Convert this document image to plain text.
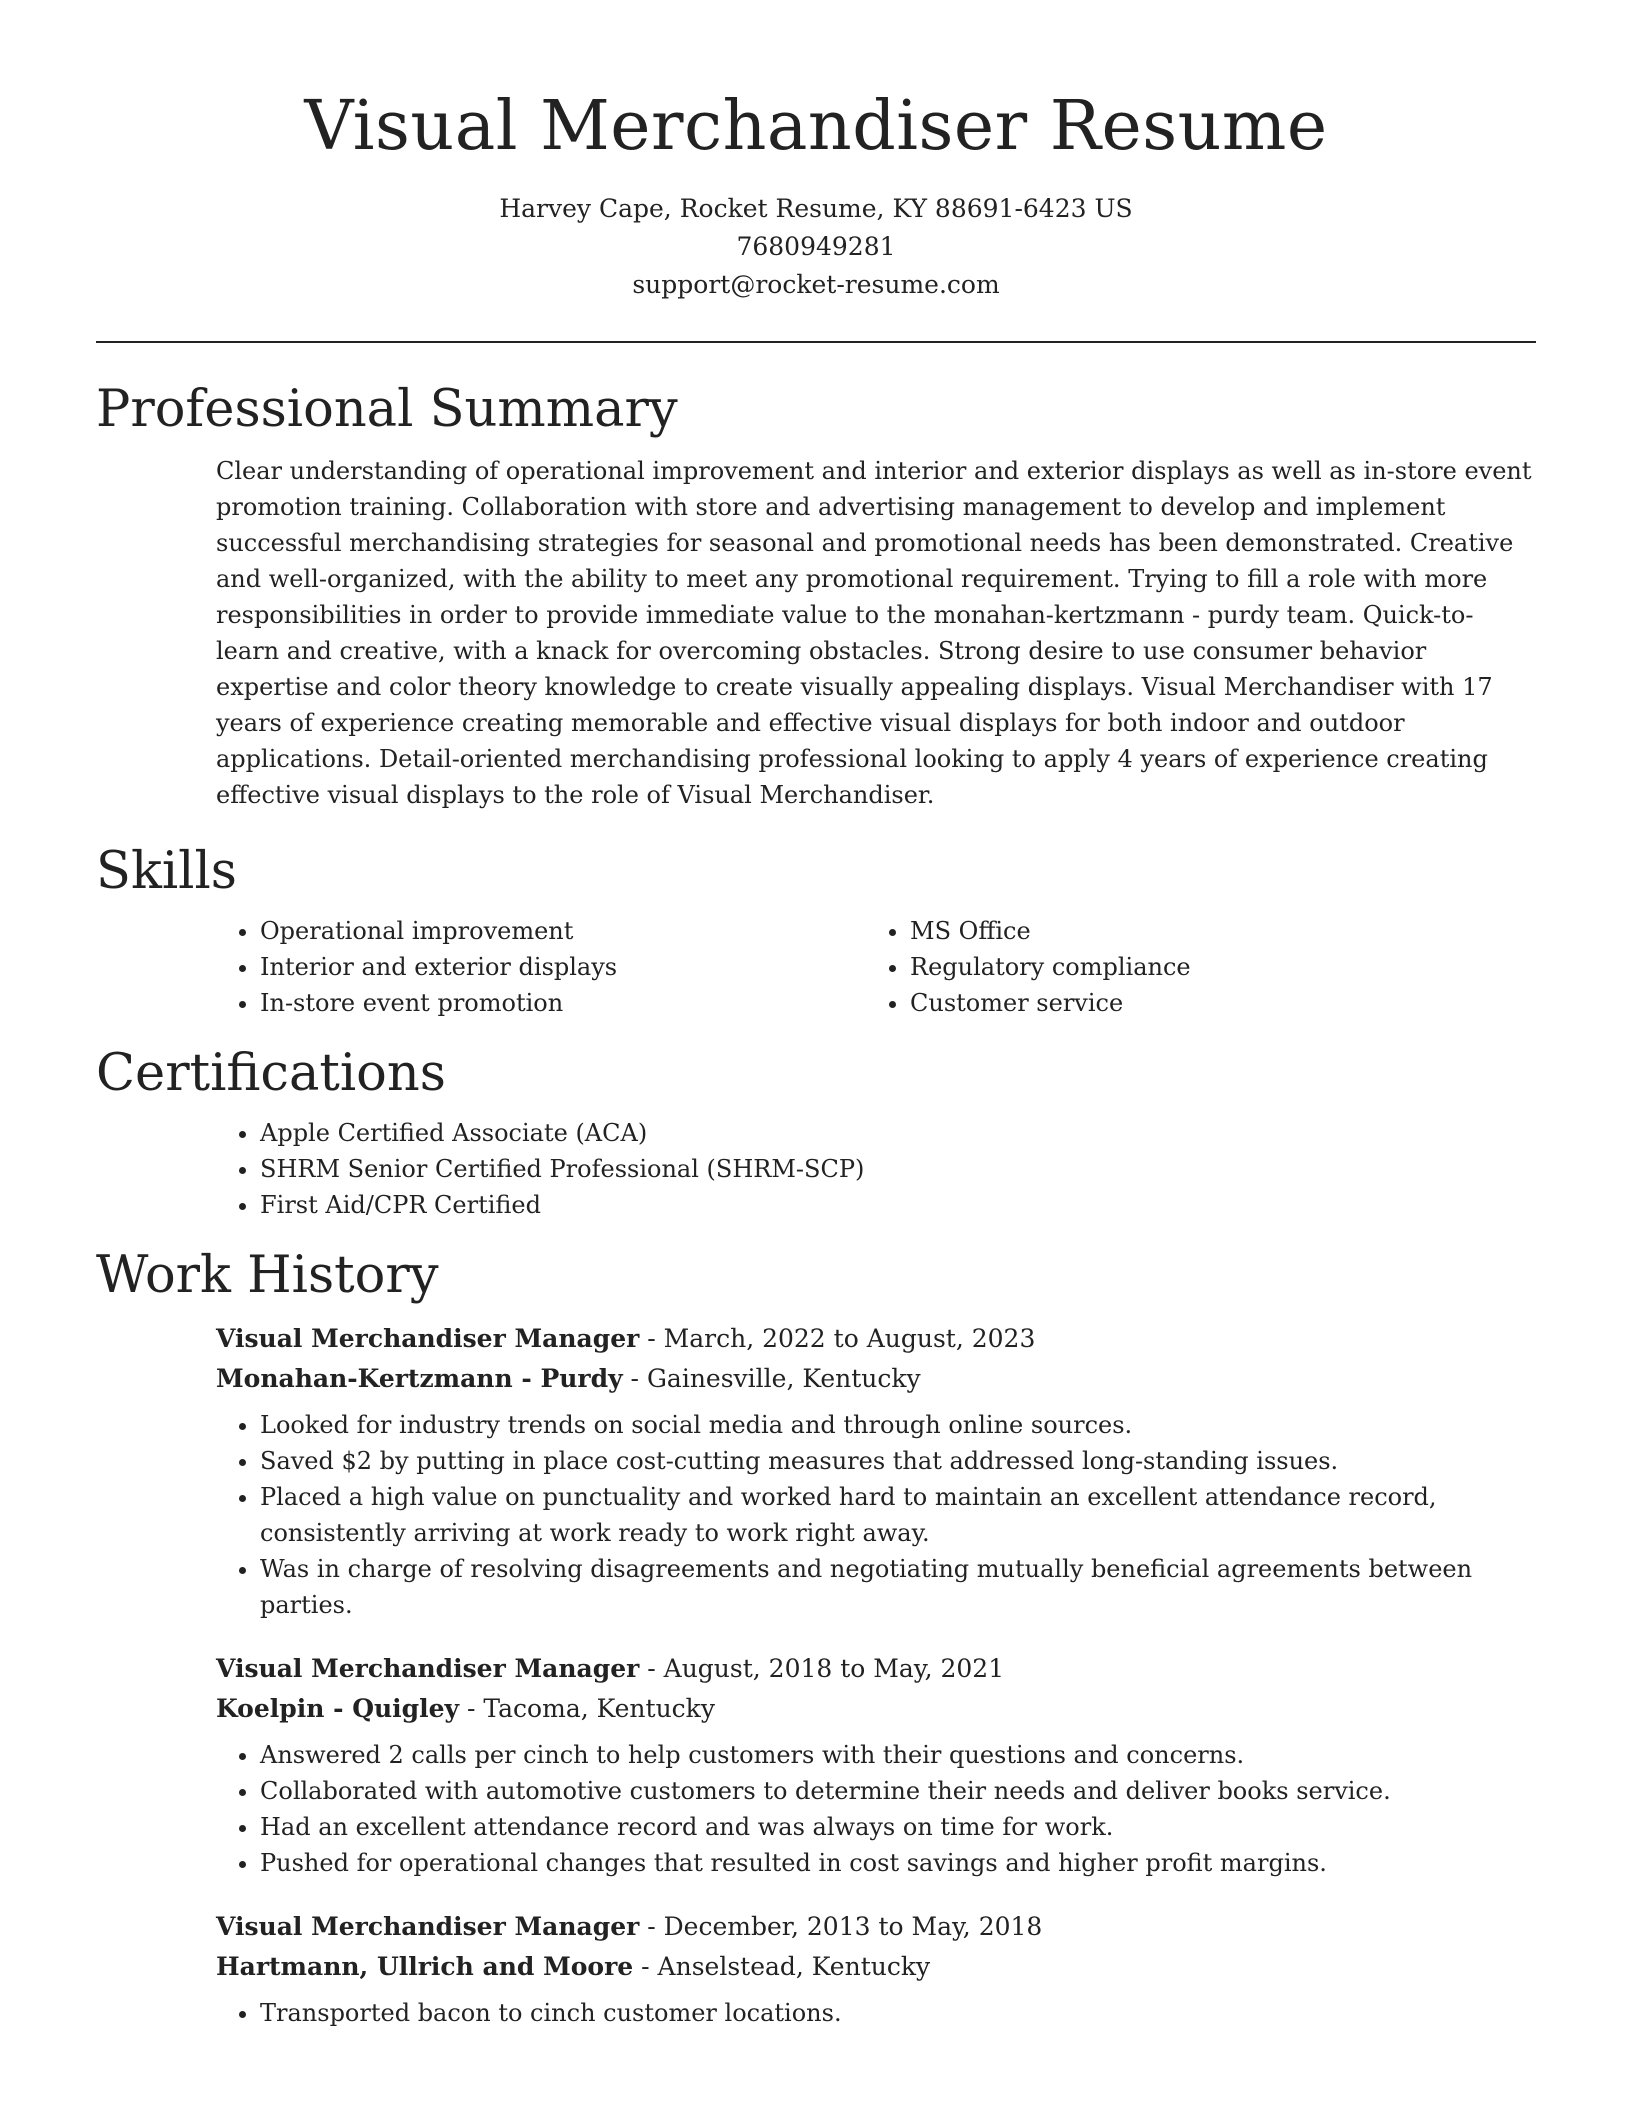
Visual Merchandiser Resume
Harvey Cape, Rocket Resume, KY 88691-6423 US
7680949281
support@rocket-resume.com
Professional Summary

Clear understanding of operational improvement and interior and exterior displays as well as in-store event promotion training. Collaboration with store and advertising management to develop and implement successful merchandising strategies for seasonal and promotional needs has been demonstrated. Creative and well-organized, with the ability to meet any promotional requirement. Trying to fill a role with more responsibilities in order to provide immediate value to the monahan-kertzmann - purdy team. Quick-to-learn and creative, with a knack for overcoming obstacles. Strong desire to use consumer behavior expertise and color theory knowledge to create visually appealing displays. Visual Merchandiser with 17 years of experience creating memorable and effective visual displays for both indoor and outdoor applications. Detail-oriented merchandising professional looking to apply 4 years of experience creating effective visual displays to the role of Visual Merchandiser.

Skills
• Operational improvement
• Interior and exterior displays
• In-store event promotion
• MS Office
• Regulatory compliance
• Customer service
Certifications
• Apple Certified Associate (ACA)
• SHRM Senior Certified Professional (SHRM-SCP)
• First Aid/CPR Certified
Work History
Visual Merchandiser Manager - March, 2022 to August, 2023
Monahan-Kertzmann - Purdy - Gainesville, Kentucky
• Looked for industry trends on social media and through online sources.
• Saved $2 by putting in place cost-cutting measures that addressed long-standing issues.
• Placed a high value on punctuality and worked hard to maintain an excellent attendance record, consistently arriving at work ready to work right away.
• Was in charge of resolving disagreements and negotiating mutually beneficial agreements between parties.
Visual Merchandiser Manager - August, 2018 to May, 2021
Koelpin - Quigley - Tacoma, Kentucky
• Answered 2 calls per cinch to help customers with their questions and concerns.
• Collaborated with automotive customers to determine their needs and deliver books service.
• Had an excellent attendance record and was always on time for work.
• Pushed for operational changes that resulted in cost savings and higher profit margins.
Visual Merchandiser Manager - December, 2013 to May, 2018
Hartmann, Ullrich and Moore - Anselstead, Kentucky
• Transported bacon to cinch customer locations.
